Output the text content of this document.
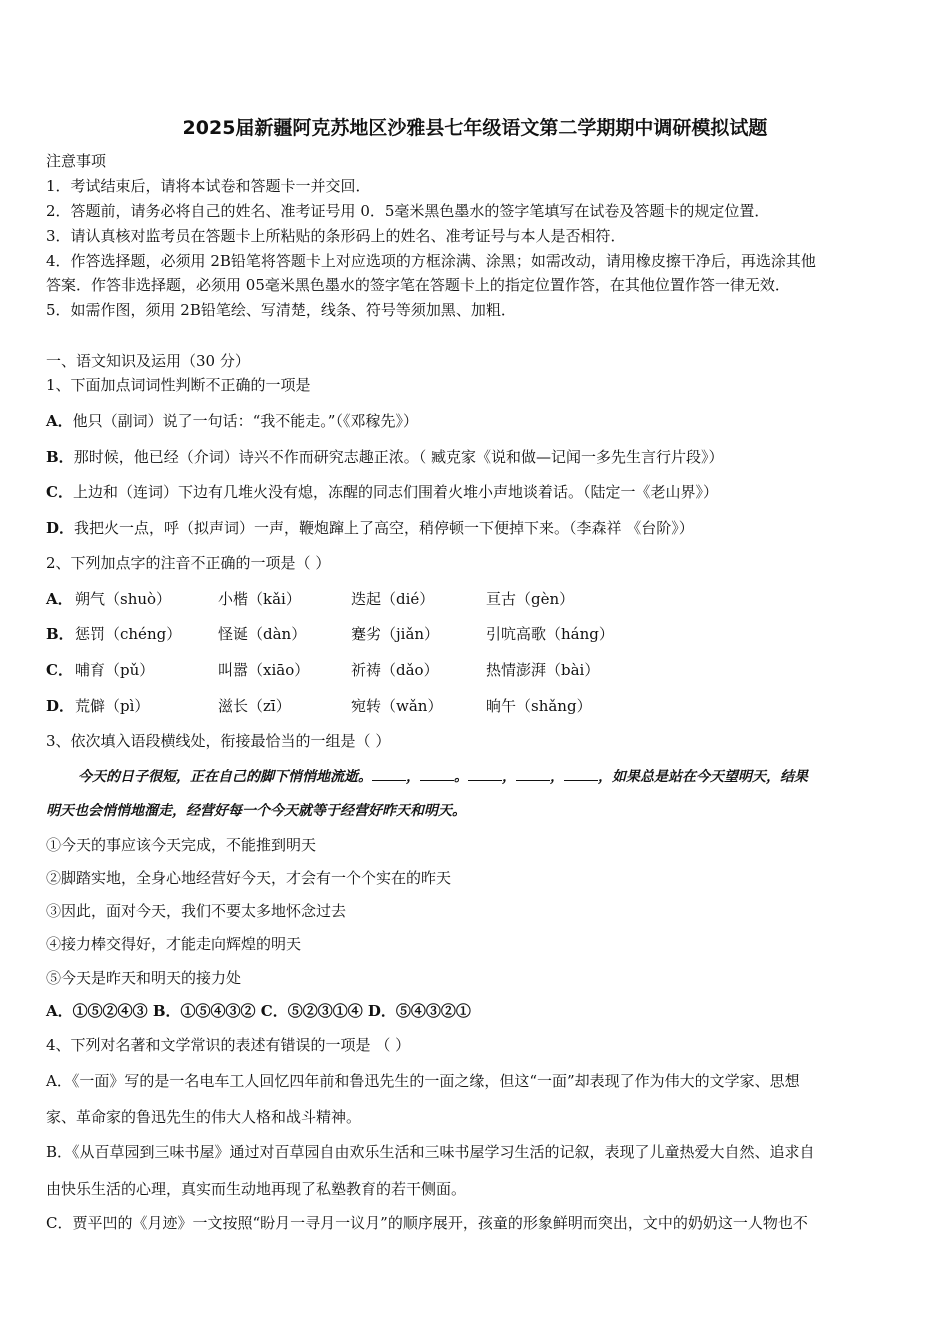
2025届新疆阿克苏地区沙雅县七年级语文第二学期期中调研模拟试题
注意事项
1．考试结束后，请将本试卷和答题卡一并交回．
2．答题前，请务必将自己的姓名、准考证号用 0．5毫米黑色墨水的签字笔填写在试卷及答题卡的规定位置．
3．请认真核对监考员在答题卡上所粘贴的条形码上的姓名、准考证号与本人是否相符．
4．作答选择题，必须用 2B铅笔将答题卡上对应选项的方框涂满、涂黑；如需改动，请用橡皮擦干净后，再选涂其他
答案．作答非选择题，必须用 05毫米黑色墨水的签字笔在答题卡上的指定位置作答，在其他位置作答一律无效．
5．如需作图，须用 2B铅笔绘、写清楚，线条、符号等须加黑、加粗．
一、语文知识及运用（30 分）
1、下面加点词词性判断不正确的一项是
A．他只（副词）说了一句话：“我不能走。”（《邓稼先》）
B．那时候，他已经（介词）诗兴不作而研究志趣正浓。（ 臧克家《说和做—记闻一多先生言行片段》）
C．上边和（连词）下边有几堆火没有熄，冻醒的同志们围着火堆小声地谈着话。（陆定一《老山界》）
D．我把火一点，呼（拟声词）一声，鞭炮蹿上了高空，稍停顿一下便掉下来。（李森祥 《台阶》）
2、下列加点字的注音不正确的一项是（ ）
A． 朔气（shuò）	小楷（kǎi）	迭起（dié）	亘古（gèn）
B． 惩罚（chéng） 怪诞（dàn）	蹇劣（jiǎn）	引吭高歌（háng）
C． 哺育（pǔ）	叫嚣（xiāo）	祈祷（dǎo）	热情澎湃（bài）
D． 荒僻（pì）	滋长（zī）	宛转（wǎn）	晌午（shǎng）
3、依次填入语段横线处，衔接最恰当的一组是（ ）
今天的日子很短，正在自己的脚下悄悄地流逝。 ， 。 ， ， ，如果总是站在今天望明天，结果
明天也会悄悄地溜走，经营好每一个今天就等于经营好昨天和明天。
①今天的事应该今天完成，不能推到明天
②脚踏实地，全身心地经营好今天，才会有一个个实在的昨天
③因此，面对今天，我们不要太多地怀念过去
④接力棒交得好，才能走向辉煌的明天
⑤今天是昨天和明天的接力处
A．①⑤②④③ B．①⑤④③② C．⑤②③①④ D．⑤④③②①
4、下列对名著和文学常识的表述有错误的一项是 （ ）
A．《一面》写的是一名电车工人回忆四年前和鲁迅先生的一面之缘，但这“一面”却表现了作为伟大的文学家、思想
家、革命家的鲁迅先生的伟大人格和战斗精神。
B．《从百草园到三味书屋》通过对百草园自由欢乐生活和三味书屋学习生活的记叙，表现了儿童热爱大自然、追求自
由快乐生活的心理，真实而生动地再现了私塾教育的若干侧面。
C．贾平凹的《月迹》一文按照“盼月一寻月一议月”的顺序展开，孩童的形象鲜明而突出，文中的奶奶这一人物也不
